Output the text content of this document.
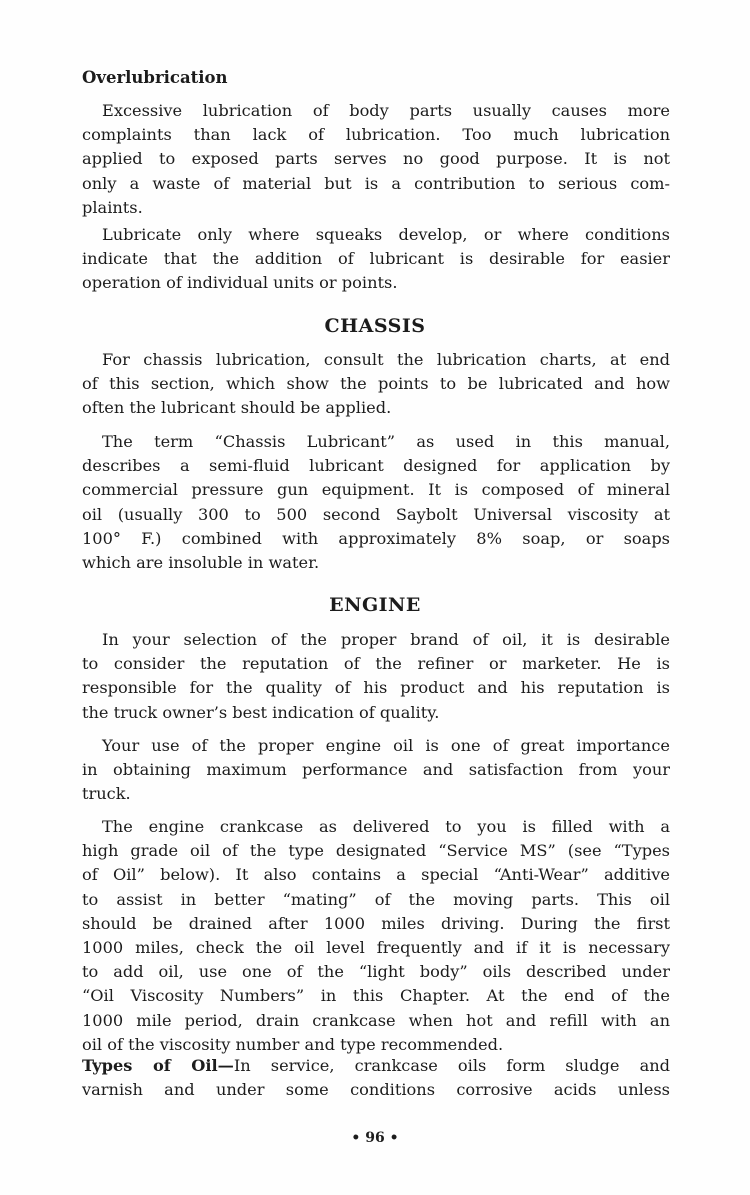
Overlubrication
Excessive lubrication of body parts usually causes more
complaints than lack of lubrication. Too much lubrication
applied to exposed parts serves no good purpose. It is not
only a waste of material but is a contribution to serious com-
plaints.
Lubricate only where squeaks develop, or where conditions
indicate that the addition of lubricant is desirable for easier
operation of individual units or points.
CHASSIS
For chassis lubrication, consult the lubrication charts, at end
of this section, which show the points to be lubricated and how
often the lubricant should be applied.
The term “Chassis Lubricant” as used in this manual,
describes a semi-fluid lubricant designed for application by
commercial pressure gun equipment. It is composed of mineral
oil (usually 300 to 500 second Saybolt Universal viscosity at
100° F.) combined with approximately 8% soap, or soaps
which are insoluble in water.
ENGINE
In your selection of the proper brand of oil, it is desirable
to consider the reputation of the refiner or marketer. He is
responsible for the quality of his product and his reputation is
the truck owner’s best indication of quality.
Your use of the proper engine oil is one of great importance
in obtaining maximum performance and satisfaction from your
truck.
The engine crankcase as delivered to you is filled with a
high grade oil of the type designated “Service MS” (see “Types
of Oil” below). It also contains a special “Anti-Wear” additive
to assist in better “mating” of the moving parts. This oil
should be drained after 1000 miles driving. During the first
1000 miles, check the oil level frequently and if it is necessary
to add oil, use one of the “light body” oils described under
“Oil Viscosity Numbers” in this Chapter. At the end of the
1000 mile period, drain crankcase when hot and refill with an
oil of the viscosity number and type recommended.
Types of Oil—In service, crankcase oils form sludge and
varnish and under some conditions corrosive acids unless
• 96 •
